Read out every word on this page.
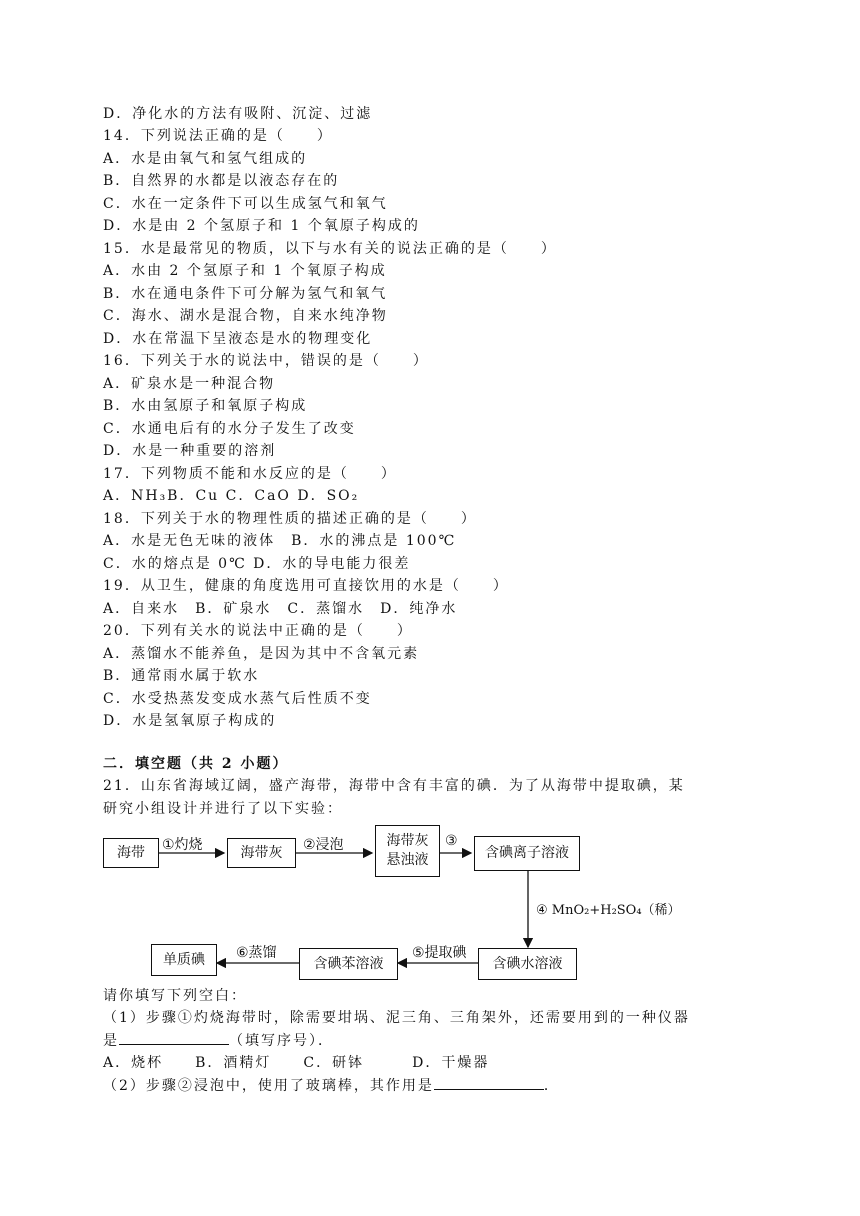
D．净化水的方法有吸附、沉淀、过滤
14．下列说法正确的是（　　）
A．水是由氧气和氢气组成的
B．自然界的水都是以液态存在的
C．水在一定条件下可以生成氢气和氧气
D．水是由 2 个氢原子和 1 个氧原子构成的
15．水是最常见的物质，以下与水有关的说法正确的是（　　）
A．水由 2 个氢原子和 1 个氧原子构成
B．水在通电条件下可分解为氢气和氧气
C．海水、湖水是混合物，自来水纯净物
D．水在常温下呈液态是水的物理变化
16．下列关于水的说法中，错误的是（　　）
A．矿泉水是一种混合物
B．水由氢原子和氧原子构成
C．水通电后有的水分子发生了改变
D．水是一种重要的溶剂
17．下列物质不能和水反应的是（　　）
A．NH₃B．Cu C．CaO D．SO₂
18．下列关于水的物理性质的描述正确的是（　　）
A．水是无色无味的液体　B．水的沸点是 100℃
C．水的熔点是 0℃ D．水的导电能力很差
19．从卫生，健康的角度选用可直接饮用的水是（　　）
A．自来水　B．矿泉水　C．蒸馏水　D．纯净水
20．下列有关水的说法中正确的是（　　）
A．蒸馏水不能养鱼，是因为其中不含氧元素
B．通常雨水属于软水
C．水受热蒸发变成水蒸气后性质不变
D．水是氢氧原子构成的
二．填空题（共 2 小题）
21．山东省海域辽阔，盛产海带，海带中含有丰富的碘．为了从海带中提取碘，某
研究小组设计并进行了以下实验：
海带	海带灰
海带灰
悬浊液	含碘离子溶液
含碘水溶液
含碘苯溶液
单质碘
①灼烧	②浸泡	③
④ MnO₂+H₂SO₄（稀）
⑤提取碘
⑥蒸馏
请你填写下列空白：
（1）步骤①灼烧海带时，除需要坩埚、泥三角、三角架外，还需要用到的一种仪器
是	（填写序号）．
A．烧杯　　B．酒精灯　　C．研钵　　　D．干燥器
（2）步骤②浸泡中，使用了玻璃棒，其作用是	．
